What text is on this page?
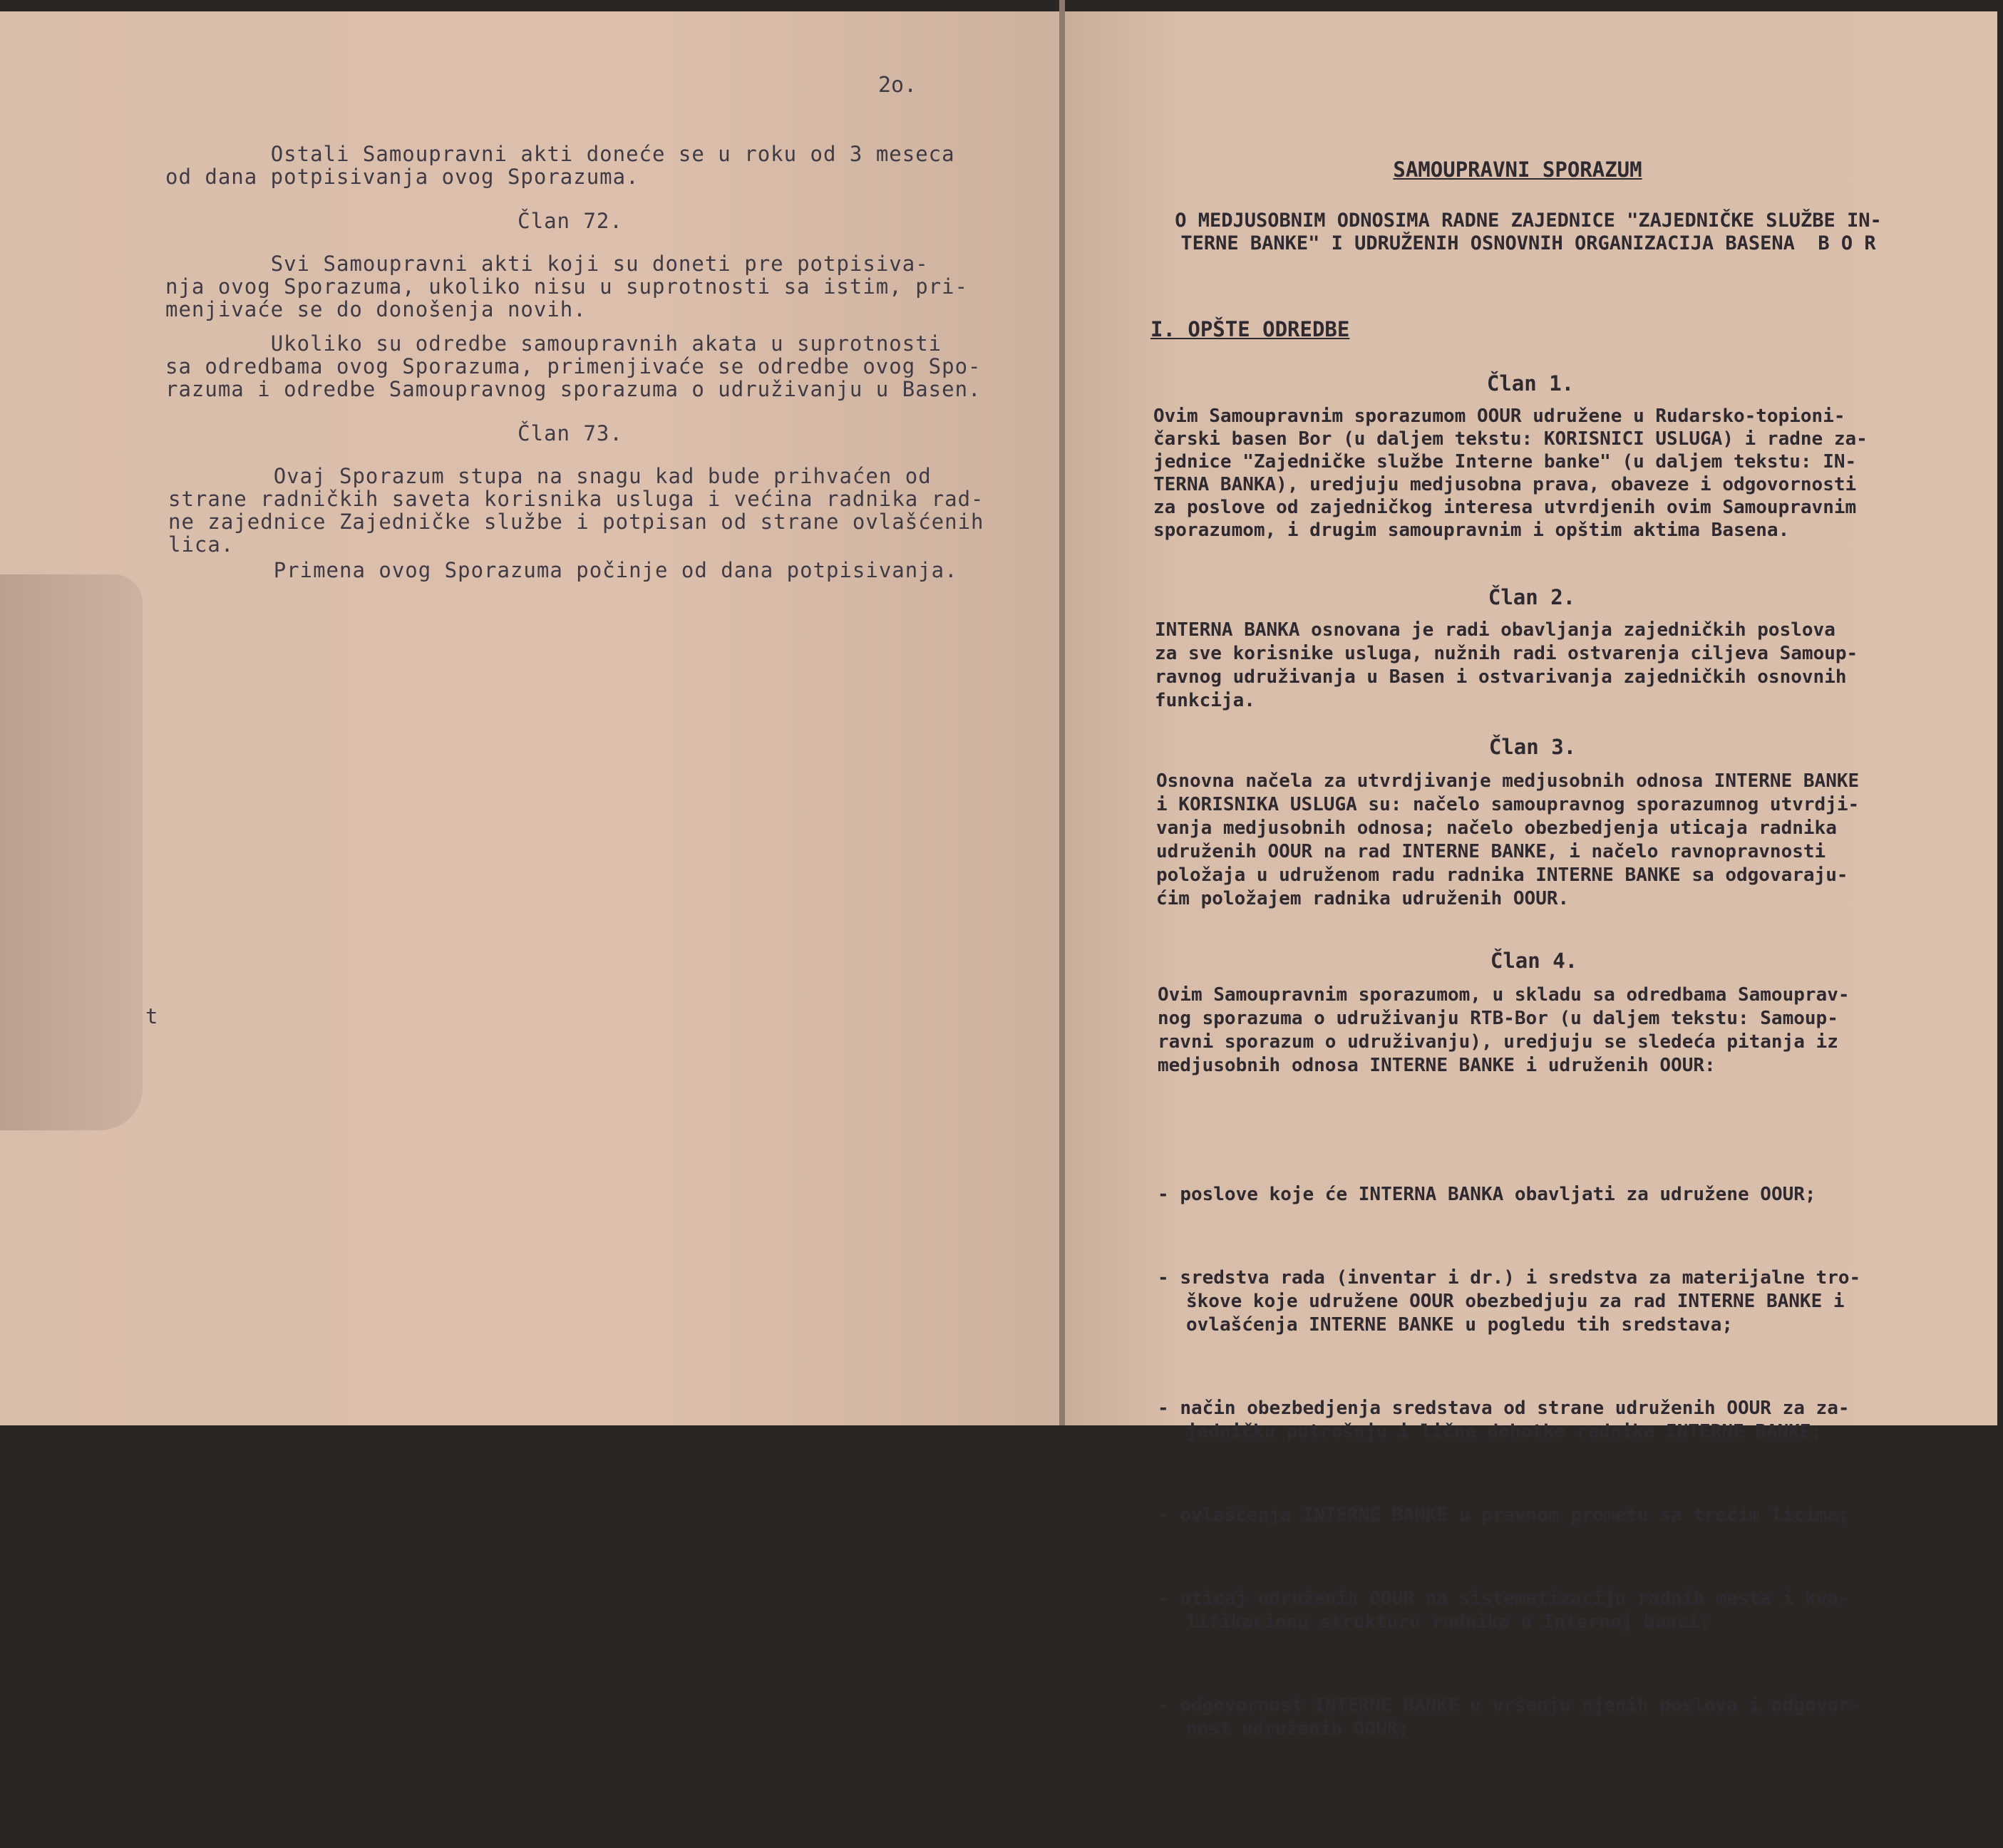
2o.
Ostali Samoupravni akti doneće se u roku od 3 meseca
od dana potpisivanja ovog Sporazuma.
Član 72.
Svi Samoupravni akti koji su doneti pre potpisiva-
nja ovog Sporazuma, ukoliko nisu u suprotnosti sa istim, pri-
menjivaće se do donošenja novih.
Ukoliko su odredbe samoupravnih akata u suprotnosti
sa odredbama ovog Sporazuma, primenjivaće se odredbe ovog Spo-
razuma i odredbe Samoupravnog sporazuma o udruživanju u Basen.
Član 73.
Ovaj Sporazum stupa na snagu kad bude prihvaćen od
strane radničkih saveta korisnika usluga i većina radnika rad-
ne zajednice Zajedničke službe i potpisan od strane ovlašćenih
lica.
Primena ovog Sporazuma počinje od dana potpisivanja.
t
SAMOUPRAVNI SPORAZUM
O MEDJUSOBNIM ODNOSIMA RADNE ZAJEDNICE "ZAJEDNIČKE SLUŽBE IN-
TERNE BANKE" I UDRUŽENIH OSNOVNIH ORGANIZACIJA BASENA  B O R
I. OPŠTE ODREDBE
Član 1.
Ovim Samoupravnim sporazumom OOUR udružene u Rudarsko-topioni-
čarski basen Bor (u daljem tekstu: KORISNICI USLUGA) i radne za-
jednice "Zajedničke službe Interne banke" (u daljem tekstu: IN-
TERNA BANKA), uredjuju medjusobna prava, obaveze i odgovornosti
za poslove od zajedničkog interesa utvrdjenih ovim Samoupravnim
sporazumom, i drugim samoupravnim i opštim aktima Basena.
Član 2.
INTERNA BANKA osnovana je radi obavljanja zajedničkih poslova
za sve korisnike usluga, nužnih radi ostvarenja ciljeva Samoup-
ravnog udruživanja u Basen i ostvarivanja zajedničkih osnovnih
funkcija.
Član 3.
Osnovna načela za utvrdjivanje medjusobnih odnosa INTERNE BANKE
i KORISNIKA USLUGA su: načelo samoupravnog sporazumnog utvrdji-
vanja medjusobnih odnosa; načelo obezbedjenja uticaja radnika
udruženih OOUR na rad INTERNE BANKE, i načelo ravnopravnosti
položaja u udruženom radu radnika INTERNE BANKE sa odgovaraju-
ćim položajem radnika udruženih OOUR.
Član 4.
Ovim Samoupravnim sporazumom, u skladu sa odredbama Samouprav-
nog sporazuma o udruživanju RTB-Bor (u daljem tekstu: Samoup-
ravni sporazum o udruživanju), uredjuju se sledeća pitanja iz
medjusobnih odnosa INTERNE BANKE i udruženih OOUR:

- poslove koje će INTERNA BANKA obavljati za udružene OOUR;

- sredstva rada (inventar i dr.) i sredstva za materijalne tro-
škove koje udružene OOUR obezbedjuju za rad INTERNE BANKE i
ovlašćenja INTERNE BANKE u pogledu tih sredstava;

- način obezbedjenja sredstava od strane udruženih OOUR za za-
jedničku potrošnju i lične dohotke radnika INTERNE BANKE;

- ovlašćenja INTERNE BANKE u pravnom prometu sa trećim licima;

- uticaj udruženih OOUR na sistematizaciju radnih mesta i kva-
lifikacionu strukturu radnika u Internoj banci;

- odgovornost INTERNE BANKE u vršenju njenih poslova i odgovor-
nost udruženih OOUR;
